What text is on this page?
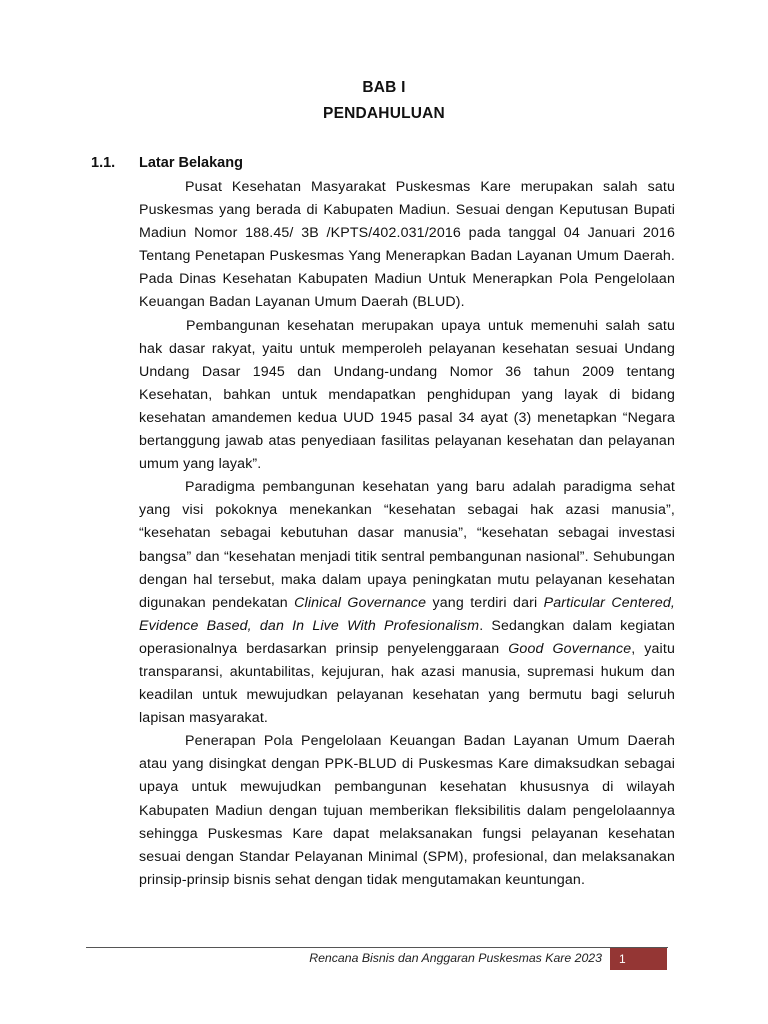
BAB I
PENDAHULUAN
1.1. Latar Belakang

Pusat Kesehatan Masyarakat Puskesmas Kare merupakan salah satu Puskesmas yang berada di Kabupaten Madiun. Sesuai dengan Keputusan Bupati Madiun Nomor 188.45/ 3B /KPTS/402.031/2016 pada tanggal 04 Januari 2016 Tentang Penetapan Puskesmas Yang Menerapkan Badan Layanan Umum Daerah. Pada Dinas Kesehatan Kabupaten Madiun Untuk Menerapkan Pola Pengelolaan Keuangan Badan Layanan Umum Daerah (BLUD).

Pembangunan kesehatan merupakan upaya untuk memenuhi salah satu hak dasar rakyat, yaitu untuk memperoleh pelayanan kesehatan sesuai Undang Undang Dasar 1945 dan Undang-undang Nomor 36 tahun 2009 tentang Kesehatan, bahkan untuk mendapatkan penghidupan yang layak di bidang kesehatan amandemen kedua UUD 1945 pasal 34 ayat (3) menetapkan “Negara bertanggung jawab atas penyediaan fasilitas pelayanan kesehatan dan pelayanan umum yang layak”.

Paradigma pembangunan kesehatan yang baru adalah paradigma sehat yang visi pokoknya menekankan “kesehatan sebagai hak azasi manusia”, “kesehatan sebagai kebutuhan dasar manusia”, “kesehatan sebagai investasi bangsa” dan “kesehatan menjadi titik sentral pembangunan nasional”. Sehubungan dengan hal tersebut, maka dalam upaya peningkatan mutu pelayanan kesehatan digunakan pendekatan Clinical Governance yang terdiri dari Particular Centered, Evidence Based, dan In Live With Profesionalism. Sedangkan dalam kegiatan operasionalnya berdasarkan prinsip penyelenggaraan Good Governance, yaitu transparansi, akuntabilitas, kejujuran, hak azasi manusia, supremasi hukum dan keadilan untuk mewujudkan pelayanan kesehatan yang bermutu bagi seluruh lapisan masyarakat.

Penerapan Pola Pengelolaan Keuangan Badan Layanan Umum Daerah atau yang disingkat dengan PPK-BLUD di Puskesmas Kare dimaksudkan sebagai upaya untuk mewujudkan pembangunan kesehatan khususnya di wilayah Kabupaten Madiun dengan tujuan memberikan fleksibilitis dalam pengelolaannya sehingga Puskesmas Kare dapat melaksanakan fungsi pelayanan kesehatan sesuai dengan Standar Pelayanan Minimal (SPM), profesional, dan melaksanakan prinsip-prinsip bisnis sehat dengan tidak mengutamakan keuntungan.

Rencana Bisnis dan Anggaran Puskesmas Kare 2023	1
